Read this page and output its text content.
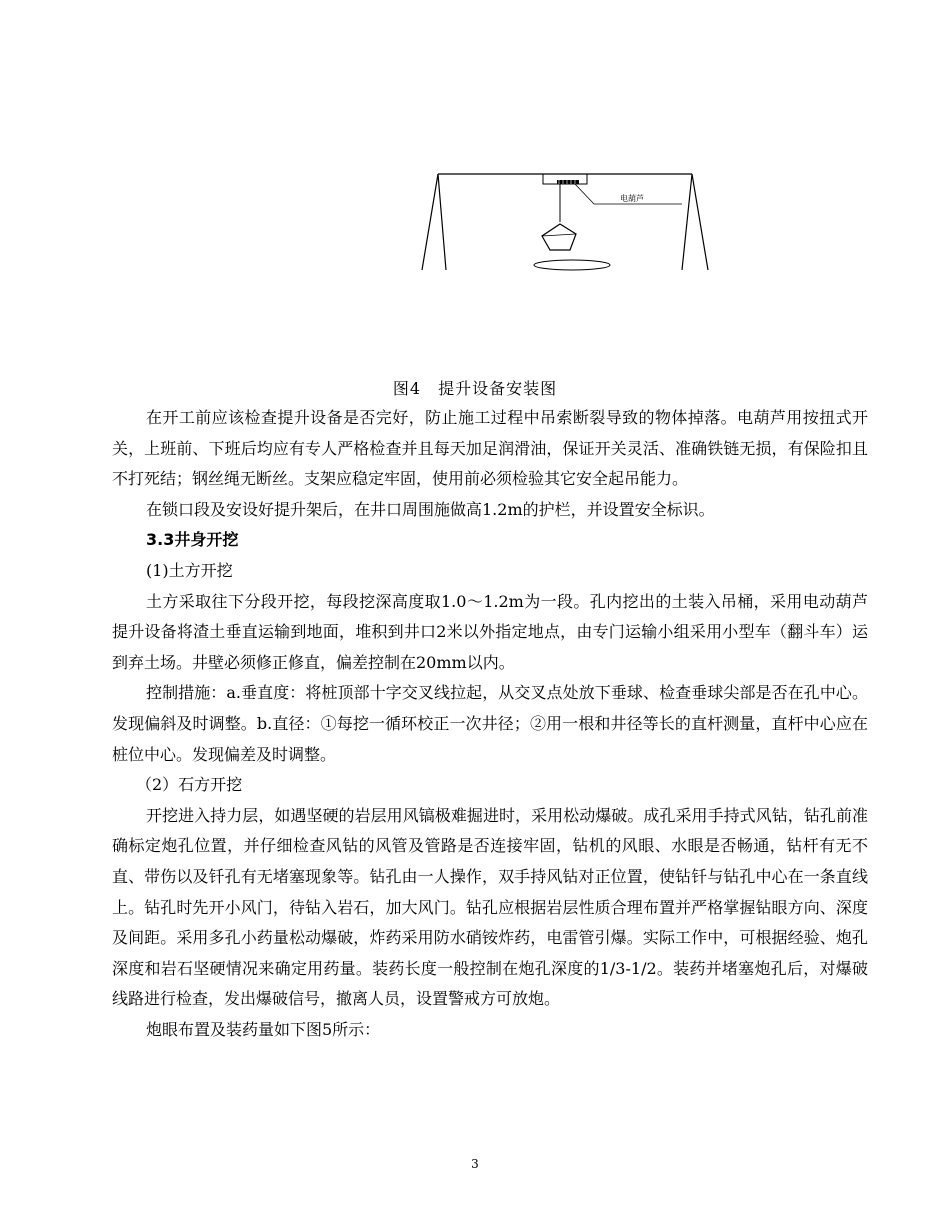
电葫芦
图4　提升设备安装图

在开工前应该检查提升设备是否完好，防止施工过程中吊索断裂导致的物体掉落。电葫芦用按扭式开关，上班前、下班后均应有专人严格检查并且每天加足润滑油，保证开关灵活、准确铁链无损，有保险扣且不打死结；钢丝绳无断丝。支架应稳定牢固，使用前必须检验其它安全起吊能力。

在锁口段及安设好提升架后，在井口周围施做高1.2m的护栏，并设置安全标识。

3.3井身开挖

(1)土方开挖

土方采取往下分段开挖，每段挖深高度取1.0～1.2m为一段。孔内挖出的土装入吊桶，采用电动葫芦提升设备将渣土垂直运输到地面，堆积到井口2米以外指定地点，由专门运输小组采用小型车（翻斗车）运到弃土场。井壁必须修正修直，偏差控制在20mm以内。

控制措施：a.垂直度：将桩顶部十字交叉线拉起，从交叉点处放下垂球、检查垂球尖部是否在孔中心。发现偏斜及时调整。b.直径：①每挖一循环校正一次井径；②用一根和井径等长的直杆测量，直杆中心应在桩位中心。发现偏差及时调整。

（2）石方开挖

开挖进入持力层，如遇坚硬的岩层用风镐极难掘进时，采用松动爆破。成孔采用手持式风钻，钻孔前准确标定炮孔位置，并仔细检查风钻的风管及管路是否连接牢固，钻机的风眼、水眼是否畅通，钻杆有无不直、带伤以及钎孔有无堵塞现象等。钻孔由一人操作，双手持风钻对正位置，使钻钎与钻孔中心在一条直线上。钻孔时先开小风门，待钻入岩石，加大风门。钻孔应根据岩层性质合理布置并严格掌握钻眼方向、深度及间距。采用多孔小药量松动爆破，炸药采用防水硝铵炸药，电雷管引爆。实际工作中，可根据经验、炮孔深度和岩石坚硬情况来确定用药量。装药长度一般控制在炮孔深度的1/3-1/2。装药并堵塞炮孔后，对爆破线路进行检查，发出爆破信号，撤离人员，设置警戒方可放炮。

炮眼布置及装药量如下图5所示：

3
